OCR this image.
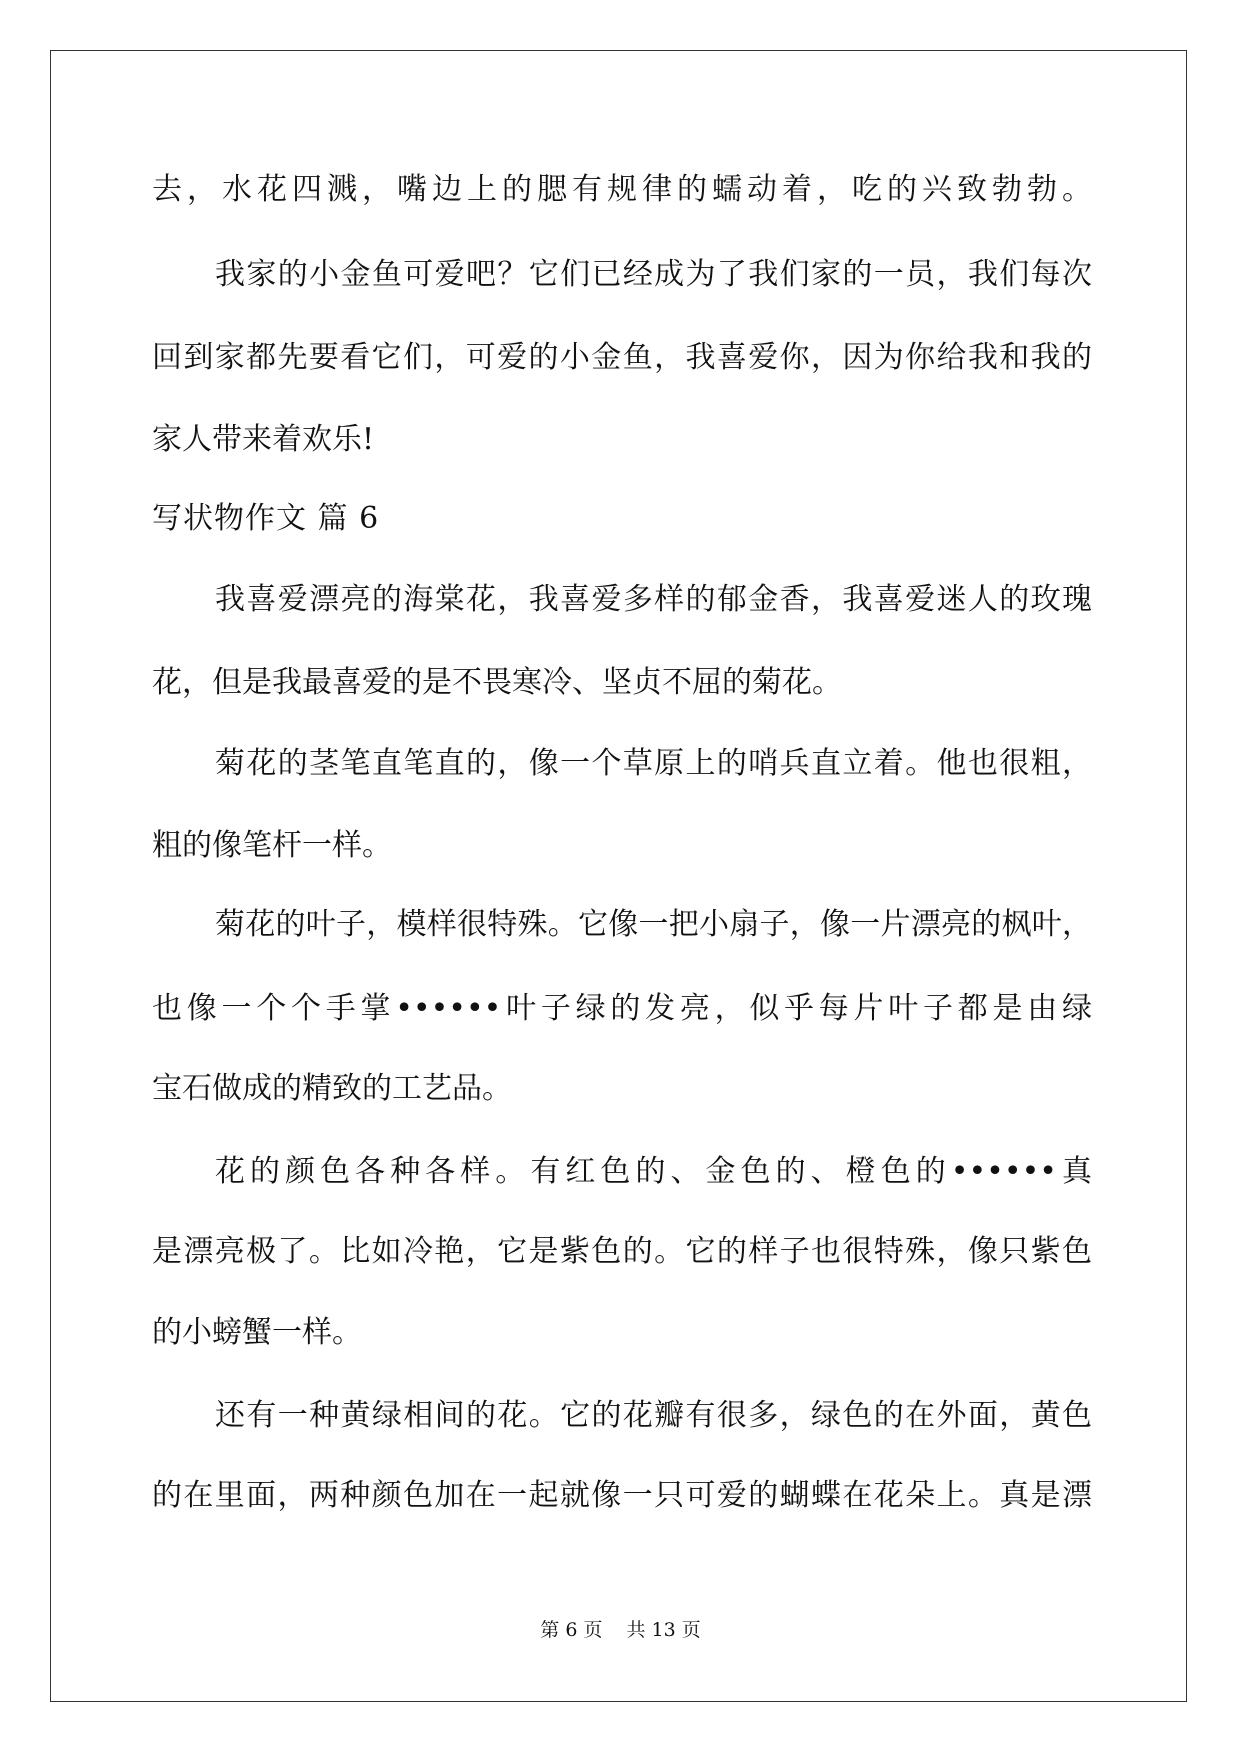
去，水花四溅，嘴边上的腮有规律的蠕动着，吃的兴致勃勃。
我家的小金鱼可爱吧？它们已经成为了我们家的一员，我们每次
回到家都先要看它们，可爱的小金鱼，我喜爱你，因为你给我和我的
家人带来着欢乐!
写状物作文 篇 6
我喜爱漂亮的海棠花，我喜爱多样的郁金香，我喜爱迷人的玫瑰
花，但是我最喜爱的是不畏寒冷、坚贞不屈的菊花。
菊花的茎笔直笔直的，像一个草原上的哨兵直立着。他也很粗，
粗的像笔杆一样。
菊花的叶子，模样很特殊。它像一把小扇子，像一片漂亮的枫叶，
也像一个个手掌••••••叶子绿的发亮，似乎每片叶子都是由绿
宝石做成的精致的工艺品。
花的颜色各种各样。有红色的、金色的、橙色的••••••真
是漂亮极了。比如冷艳，它是紫色的。它的样子也很特殊，像只紫色
的小螃蟹一样。
还有一种黄绿相间的花。它的花瓣有很多，绿色的在外面，黄色
的在里面，两种颜色加在一起就像一只可爱的蝴蝶在花朵上。真是漂
第 6 页 共 13 页
